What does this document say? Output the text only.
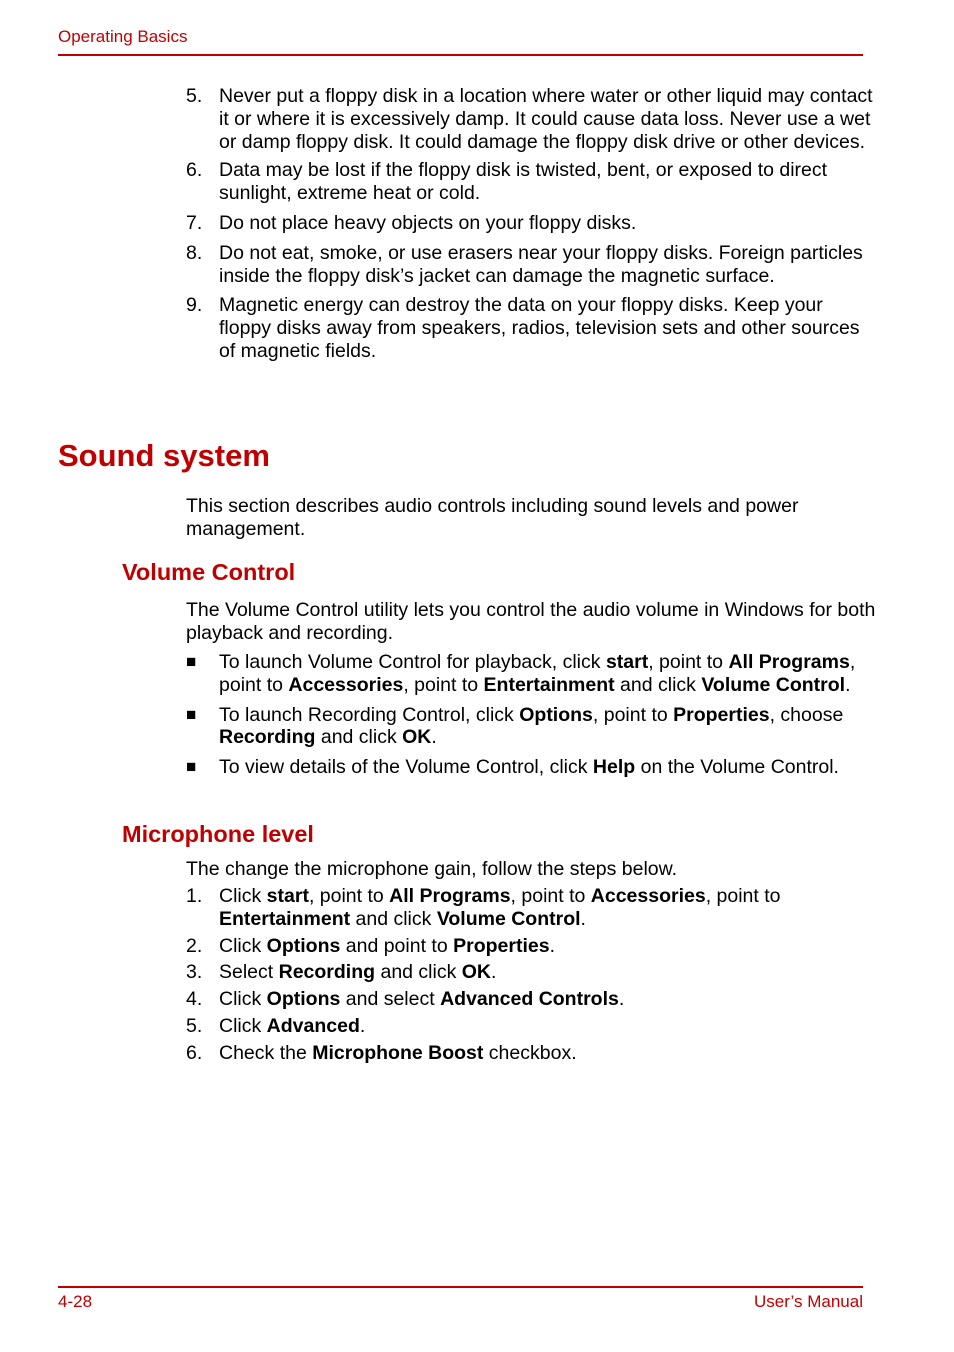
Operating Basics
5. Never put a floppy disk in a location where water or other liquid may contact it or where it is excessively damp. It could cause data loss. Never use a wet or damp floppy disk. It could damage the floppy disk drive or other devices.
6. Data may be lost if the floppy disk is twisted, bent, or exposed to direct sunlight, extreme heat or cold.
7. Do not place heavy objects on your floppy disks.
8. Do not eat, smoke, or use erasers near your floppy disks. Foreign particles inside the floppy disk’s jacket can damage the magnetic surface.
9. Magnetic energy can destroy the data on your floppy disks. Keep your floppy disks away from speakers, radios, television sets and other sources of magnetic fields.
Sound system

This section describes audio controls including sound levels and power management.

Volume Control

The Volume Control utility lets you control the audio volume in Windows for both playback and recording.

■ To launch Volume Control for playback, click start, point to All Programs, point to Accessories, point to Entertainment and click Volume Control.
■ To launch Recording Control, click Options, point to Properties, choose Recording and click OK.
■ To view details of the Volume Control, click Help on the Volume Control.
Microphone level

The change the microphone gain, follow the steps below.

1. Click start, point to All Programs, point to Accessories, point to Entertainment and click Volume Control.
2. Click Options and point to Properties.
3. Select Recording and click OK.
4. Click Options and select Advanced Controls.
5. Click Advanced.
6. Check the Microphone Boost checkbox.
4-28	User’s Manual
